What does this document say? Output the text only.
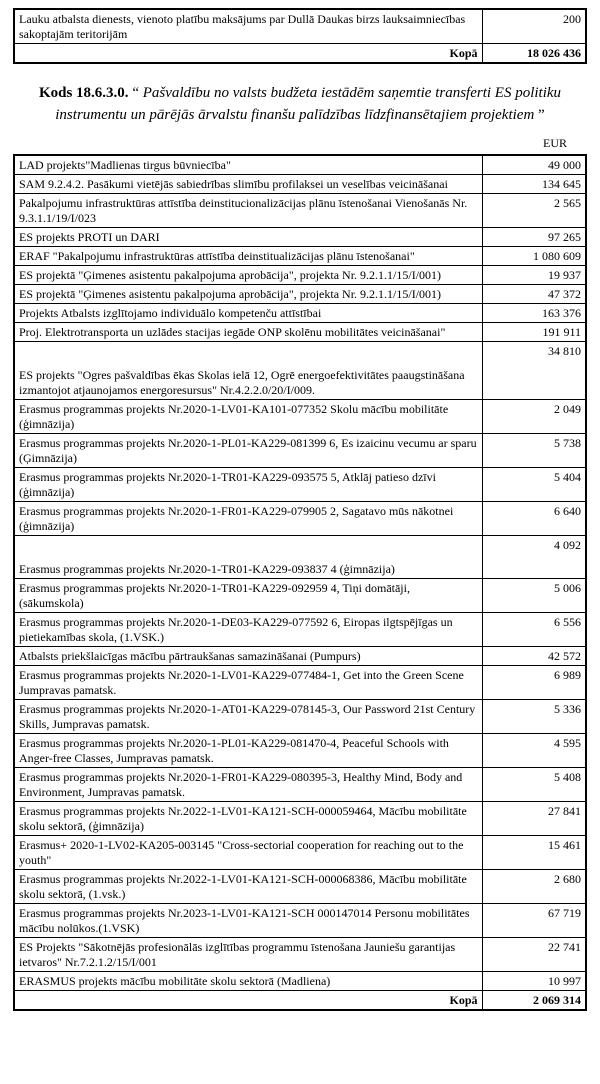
Lauku atbalsta dienests, vienoto platību maksājums par Dullā Daukas birzs lauksaimniecības sakoptajām teritorijām	200
Kopā	18 026 436

Kods 18.6.3.0. “ Pašvaldību no valsts budžeta iestādēm saņemtie transferti ES politiku instrumentu un pārējās ārvalstu finanšu palīdzības līdzfinansētajiem projektiem ”

EUR
LAD projekts"Madlienas tirgus būvniecība"	49 000
SAM 9.2.4.2. Pasākumi vietējās sabiedrības slimību profilaksei un veselības veicināšanai	134 645
Pakalpojumu infrastruktūras attīstība deinstitucionalizācijas plānu īstenošanai Vienošanās Nr. 9.3.1.1/19/I/023	2 565
ES projekts PROTI un DARI	97 265
ERAF "Pakalpojumu infrastruktūras attīstība deinstitualizācijas plānu īstenošanai"	1 080 609
ES projektā "Ģimenes asistentu pakalpojuma aprobācija", projekta Nr. 9.2.1.1/15/I/001)	19 937
ES projektā "Ģimenes asistentu pakalpojuma aprobācija", projekta Nr. 9.2.1.1/15/I/001)	47 372
Projekts Atbalsts izglītojamo individuālo kompetenču attīstībai	163 376
Proj. Elektrotransporta un uzlādes stacijas iegāde ONP skolēnu mobilitātes veicināšanai"	191 911
ES projekts "Ogres pašvaldības ēkas Skolas ielā 12, Ogrē energoefektivitātes paaugstināšana izmantojot atjaunojamos energoresursus" Nr.4.2.2.0/20/I/009.	34 810
Erasmus programmas projekts Nr.2020-1-LV01-KA101-077352 Skolu mācību mobilitāte (ģimnāzija)	2 049
Erasmus programmas projekts Nr.2020-1-PL01-KA229-081399 6, Es izaicinu vecumu ar sparu (Ģimnāzija)	5 738
Erasmus programmas projekts Nr.2020-1-TR01-KA229-093575 5, Atklāj patieso dzīvi (ģimnāzija)	5 404
Erasmus programmas projekts Nr.2020-1-FR01-KA229-079905 2, Sagatavo mūs nākotnei (ģimnāzija)	6 640
Erasmus programmas projekts Nr.2020-1-TR01-KA229-093837 4 (ģimnāzija)	4 092
Erasmus programmas projekts Nr.2020-1-TR01-KA229-092959 4, Tiņi domātāji, (sākumskola)	5 006
Erasmus programmas projekts Nr.2020-1-DE03-KA229-077592 6, Eiropas ilgtspējīgas un pietiekamības skola, (1.VSK.)	6 556
Atbalsts priekšlaicīgas mācību pārtraukšanas samazināšanai (Pumpurs)	42 572
Erasmus programmas projekts Nr.2020-1-LV01-KA229-077484-1, Get into the Green Scene Jumpravas pamatsk.	6 989
Erasmus programmas projekts Nr.2020-1-AT01-KA229-078145-3, Our Password 21st Century Skills, Jumpravas pamatsk.	5 336
Erasmus programmas projekts Nr.2020-1-PL01-KA229-081470-4, Peaceful Schools with Anger-free Classes, Jumpravas pamatsk.	4 595
Erasmus programmas projekts Nr.2020-1-FR01-KA229-080395-3, Healthy Mind, Body and Environment, Jumpravas pamatsk.	5 408
Erasmus programmas projekts Nr.2022-1-LV01-KA121-SCH-000059464, Mācību mobilitāte skolu sektorā, (ģimnāzija)	27 841
Erasmus+ 2020-1-LV02-KA205-003145 "Cross-sectorial cooperation for reaching out to the youth"	15 461
Erasmus programmas projekts Nr.2022-1-LV01-KA121-SCH-000068386, Mācību mobilitāte skolu sektorā, (1.vsk.)	2 680
Erasmus programmas projekts Nr.2023-1-LV01-KA121-SCH 000147014 Personu mobilitātes mācību nolūkos.(1.VSK)	67 719
ES Projekts "Sākotnējās profesionālās izglītības programmu īstenošana Jauniešu garantijas ietvaros" Nr.7.2.1.2/15/I/001	22 741
ERASMUS projekts mācību mobilitāte skolu sektorā (Madliena)	10 997
Kopā	2 069 314
